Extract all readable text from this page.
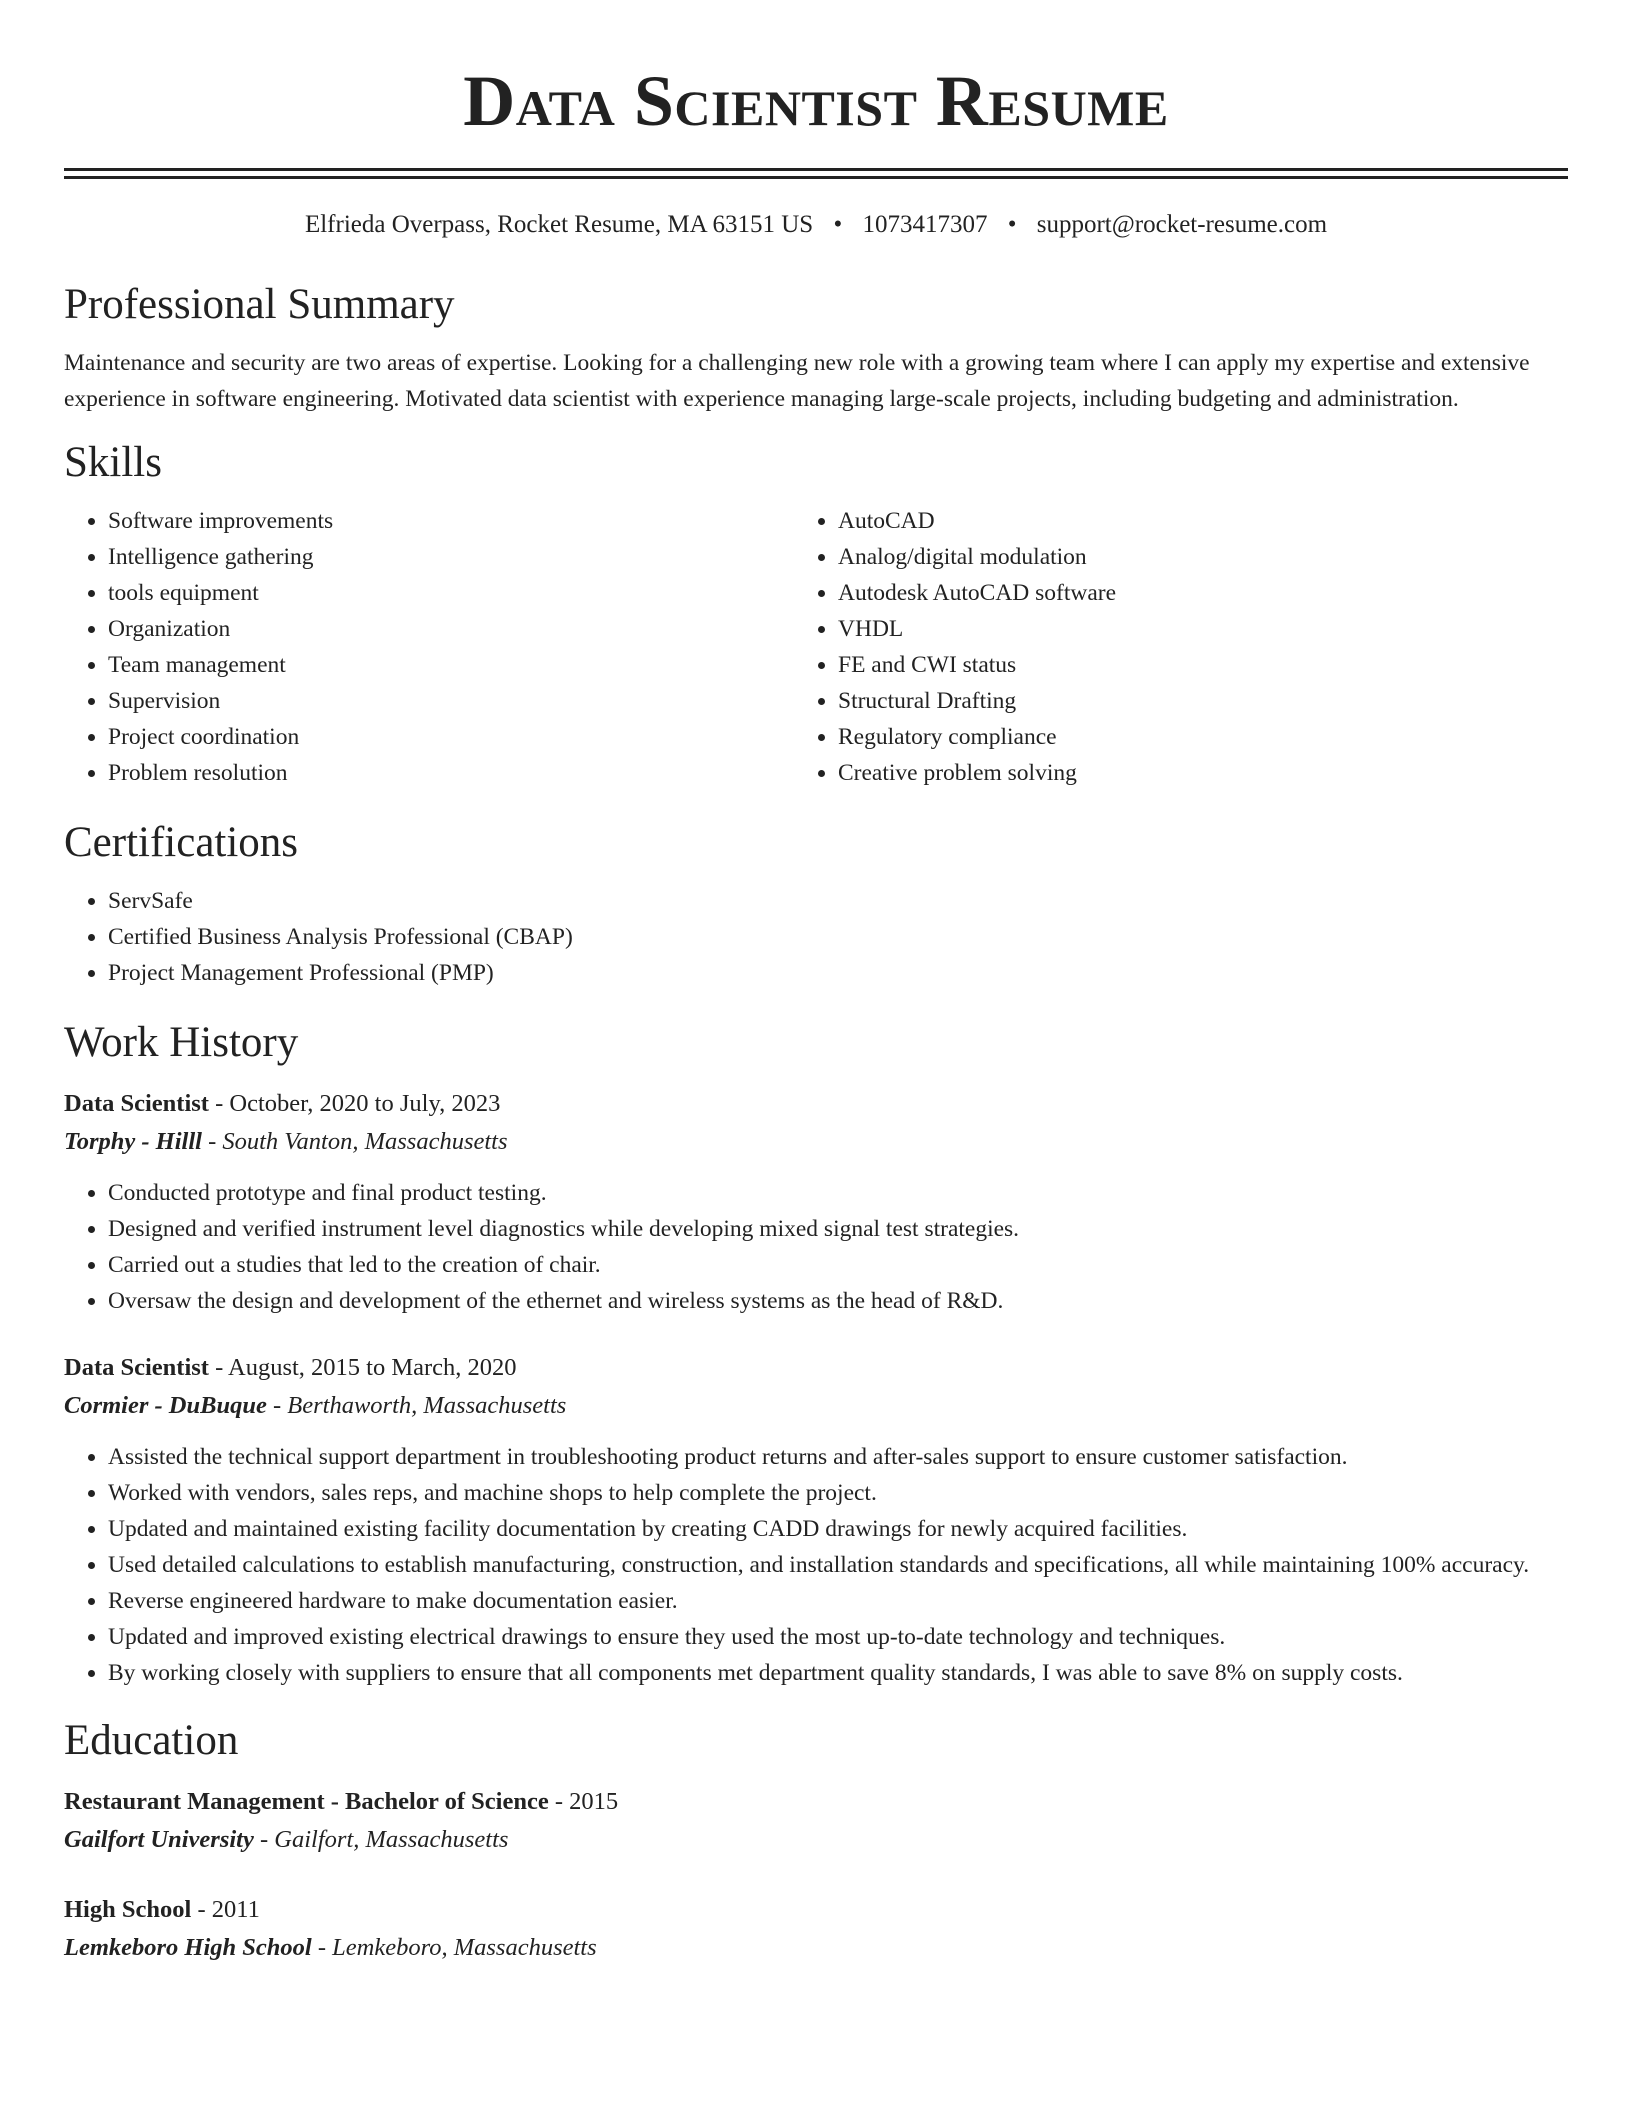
Data Scientist Resume
Elfrieda Overpass, Rocket Resume, MA 63151 US • 1073417307 • support@rocket-resume.com
Professional Summary

Maintenance and security are two areas of expertise. Looking for a challenging new role with a growing team where I can apply my expertise and extensive experience in software engineering. Motivated data scientist with experience managing large-scale projects, including budgeting and administration.

Skills
• Software improvements
• Intelligence gathering
• tools equipment
• Organization
• Team management
• Supervision
• Project coordination
• Problem resolution
• AutoCAD
• Analog/digital modulation
• Autodesk AutoCAD software
• VHDL
• FE and CWI status
• Structural Drafting
• Regulatory compliance
• Creative problem solving
Certifications
• ServSafe
• Certified Business Analysis Professional (CBAP)
• Project Management Professional (PMP)
Work History
Data Scientist - October, 2020 to July, 2023
Torphy - Hilll - South Vanton, Massachusetts
• Conducted prototype and final product testing.
• Designed and verified instrument level diagnostics while developing mixed signal test strategies.
• Carried out a studies that led to the creation of chair.
• Oversaw the design and development of the ethernet and wireless systems as the head of R&D.
Data Scientist - August, 2015 to March, 2020
Cormier - DuBuque - Berthaworth, Massachusetts
• Assisted the technical support department in troubleshooting product returns and after-sales support to ensure customer satisfaction.
• Worked with vendors, sales reps, and machine shops to help complete the project.
• Updated and maintained existing facility documentation by creating CADD drawings for newly acquired facilities.
• Used detailed calculations to establish manufacturing, construction, and installation standards and specifications, all while maintaining 100% accuracy.
• Reverse engineered hardware to make documentation easier.
• Updated and improved existing electrical drawings to ensure they used the most up-to-date technology and techniques.
• By working closely with suppliers to ensure that all components met department quality standards, I was able to save 8% on supply costs.
Education
Restaurant Management - Bachelor of Science - 2015
Gailfort University - Gailfort, Massachusetts
High School - 2011
Lemkeboro High School - Lemkeboro, Massachusetts
